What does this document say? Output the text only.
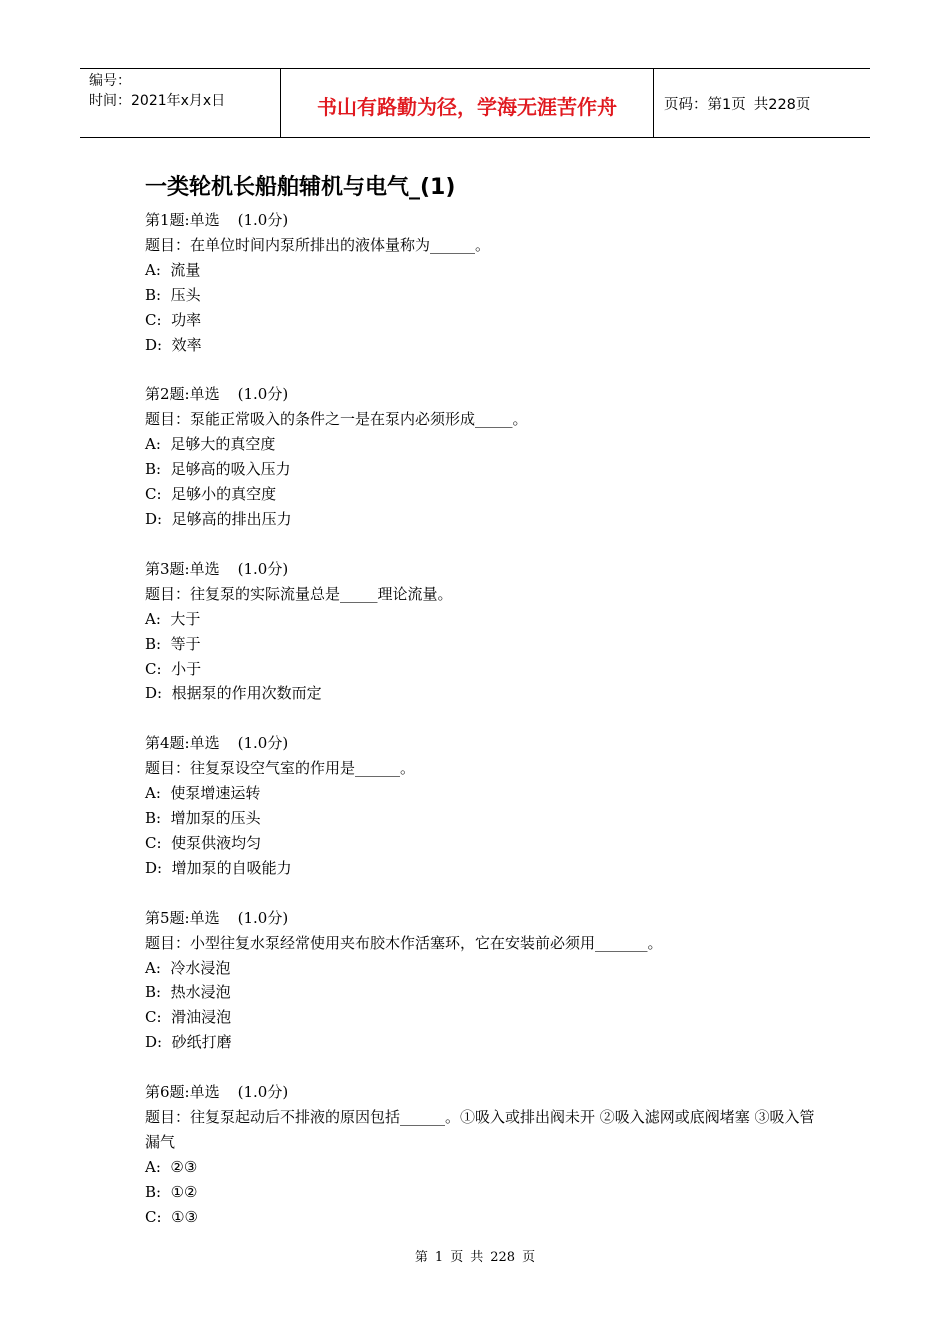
编号：
时间：2021年x月x日	书山有路勤为径，学海无涯苦作舟	页码：第1页 共228页
一类轮机长船舶辅机与电气_(1)
第1题:单选 (1.0分)
题目：在单位时间内泵所排出的液体量称为______。
A:  流量
B:  压头
C:  功率
D:  效率
第2题:单选 (1.0分)
题目：泵能正常吸入的条件之一是在泵内必须形成_____。
A:  足够大的真空度
B:  足够高的吸入压力
C:  足够小的真空度
D:  足够高的排出压力
第3题:单选 (1.0分)
题目：往复泵的实际流量总是_____理论流量。
A:  大于
B:  等于
C:  小于
D:  根据泵的作用次数而定
第4题:单选 (1.0分)
题目：往复泵设空气室的作用是______。
A:  使泵增速运转
B:  增加泵的压头
C:  使泵供液均匀
D:  增加泵的自吸能力
第5题:单选 (1.0分)
题目：小型往复水泵经常使用夹布胶木作活塞环，它在安装前必须用_______。
A:  冷水浸泡
B:  热水浸泡
C:  滑油浸泡
D:  砂纸打磨
第6题:单选 (1.0分)
题目：往复泵起动后不排液的原因包括______。①吸入或排出阀未开 ②吸入滤网或底阀堵塞 ③吸入管漏气
A:  ②③
B:  ①②
C:  ①③
第 1 页 共 228 页
